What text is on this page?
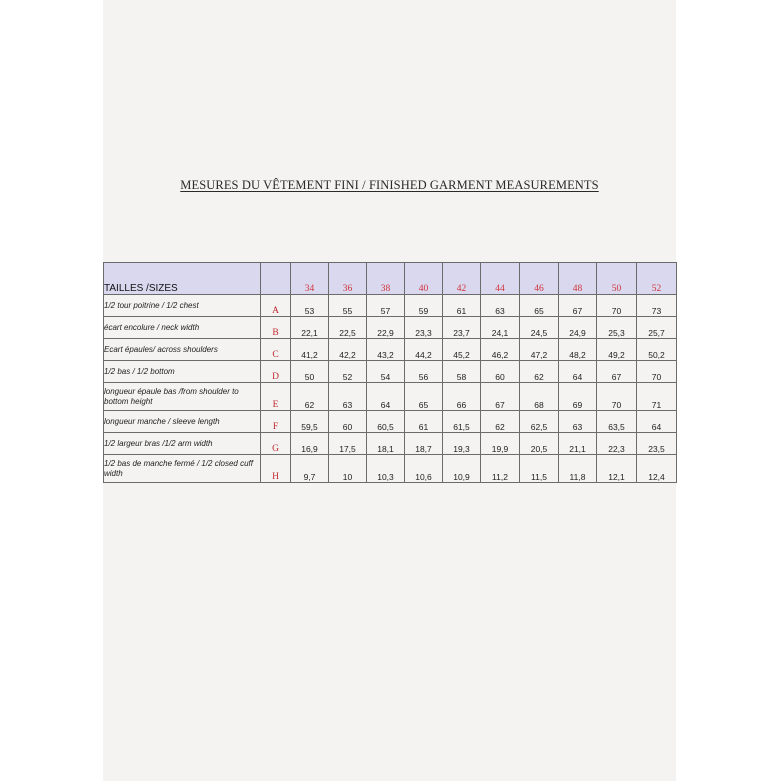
MESURES DU VÊTEMENT FINI / FINISHED GARMENT MEASUREMENTS
TAILLES /SIZES		34	36	38	40	42	44	46	48	50	52
1/2 tour poitrine / 1/2 chest	A	53	55	57	59	61	63	65	67	70	73
écart encolure / neck width	B	22,1	22,5	22,9	23,3	23,7	24,1	24,5	24,9	25,3	25,7
Ecart épaules/ across shoulders	C	41,2	42,2	43,2	44,2	45,2	46,2	47,2	48,2	49,2	50,2
1/2 bas / 1/2 bottom	D	50	52	54	56	58	60	62	64	67	70
longueur épaule bas /from shoulder to bottom height	E	62	63	64	65	66	67	68	69	70	71
longueur manche / sleeve length	F	59,5	60	60,5	61	61,5	62	62,5	63	63,5	64
1/2 largeur bras /1/2 arm width	G	16,9	17,5	18,1	18,7	19,3	19,9	20,5	21,1	22,3	23,5
1/2 bas de manche fermé / 1/2 closed cuff width	H	9,7	10	10,3	10,6	10,9	11,2	11,5	11,8	12,1	12,4
